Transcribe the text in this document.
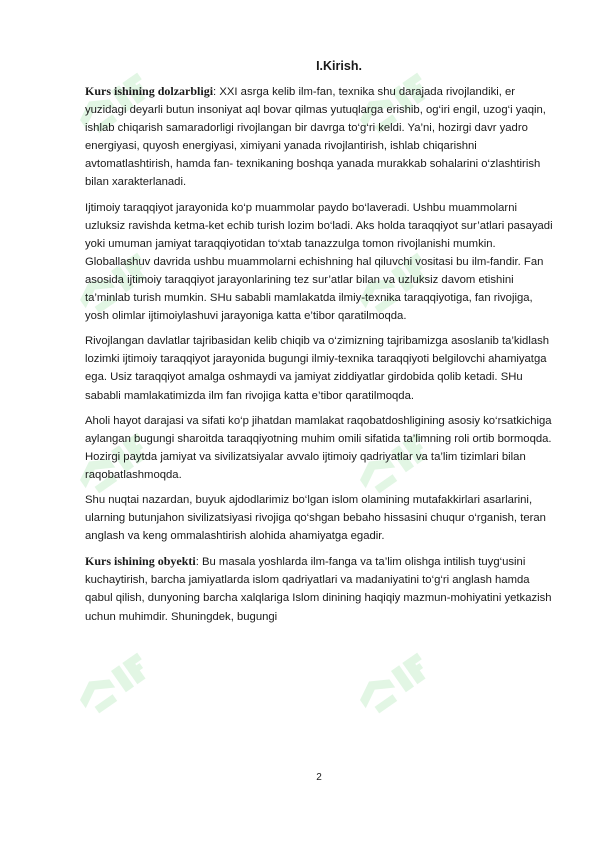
I.Kirish.

Kurs ishining dolzarbligi: XXI asrga kelib ilm-fan, texnika shu darajada rivojlandiki, er yuzidagi deyarli butun insoniyat aql bovar qilmas yutuqlarga erishib, og‘iri engil, uzog‘i yaqin, ishlab chiqarish samaradorligi rivojlangan bir davrga to‘g‘ri keldi. Ya’ni, hozirgi davr yadro energiyasi, quyosh energiyasi, ximiyani yanada rivojlantirish, ishlab chiqarishni avtomatlashtirish, hamda fan- texnikaning boshqa yanada murakkab sohalarini o‘zlashtirish bilan xarakterlanadi.

Ijtimoiy taraqqiyot jarayonida ko‘p muammolar paydo bo‘laveradi. Ushbu muammolarni uzluksiz ravishda ketma-ket echib turish lozim bo‘ladi. Aks holda taraqqiyot sur’atlari pasayadi yoki umuman jamiyat taraqqiyotidan to‘xtab tanazzulga tomon rivojlanishi mumkin. Globallashuv davrida ushbu muammolarni echishning hal qiluvchi vositasi bu ilm-fandir. Fan asosida ijtimoiy taraqqiyot jarayonlarining tez sur’atlar bilan va uzluksiz davom etishini ta’minlab turish mumkin. SHu sababli mamlakatda ilmiy-texnika taraqqiyotiga, fan rivojiga, yosh olimlar ijtimoiylashuvi jarayoniga katta e’tibor qaratilmoqda.

Rivojlangan davlatlar tajribasidan kelib chiqib va o‘zimizning tajribamizga asoslanib ta’kidlash lozimki ijtimoiy taraqqiyot jarayonida bugungi ilmiy-texnika taraqqiyoti belgilovchi ahamiyatga ega. Usiz taraqqiyot amalga oshmaydi va jamiyat ziddiyatlar girdobida qolib ketadi. SHu sababli mamlakatimizda ilm fan rivojiga katta e’tibor qaratilmoqda.

Aholi hayot darajasi va sifati ko‘p jihatdan mamlakat raqobatdoshligining asosiy ko‘rsatkichiga aylangan bugungi sharoitda taraqqiyotning muhim omili sifatida ta’limning roli ortib bormoqda. Hozirgi paytda jamiyat va sivilizatsiyalar avvalo ijtimoiy qadriyatlar va ta’lim tizimlari bilan raqobatlashmoqda.

Shu nuqtai nazardan, buyuk ajdodlarimiz bo‘lgan islom olamining mutafakkirlari asarlarini, ularning butunjahon sivilizatsiyasi rivojiga qo‘shgan bebaho hissasini chuqur o‘rganish, teran anglash va keng ommalashtirish alohida ahamiyatga egadir.

Kurs ishining obyekti: Bu masala yoshlarda ilm-fanga va ta’lim olishga intilish tuyg‘usini kuchaytirish, barcha jamiyatlarda islom qadriyatlari va madaniyatini to‘g‘ri anglash hamda qabul qilish, dunyoning barcha xalqlariga Islom dinining haqiqiy mazmun-mohiyatini yetkazish uchun muhimdir. Shuningdek, bugungi

2
